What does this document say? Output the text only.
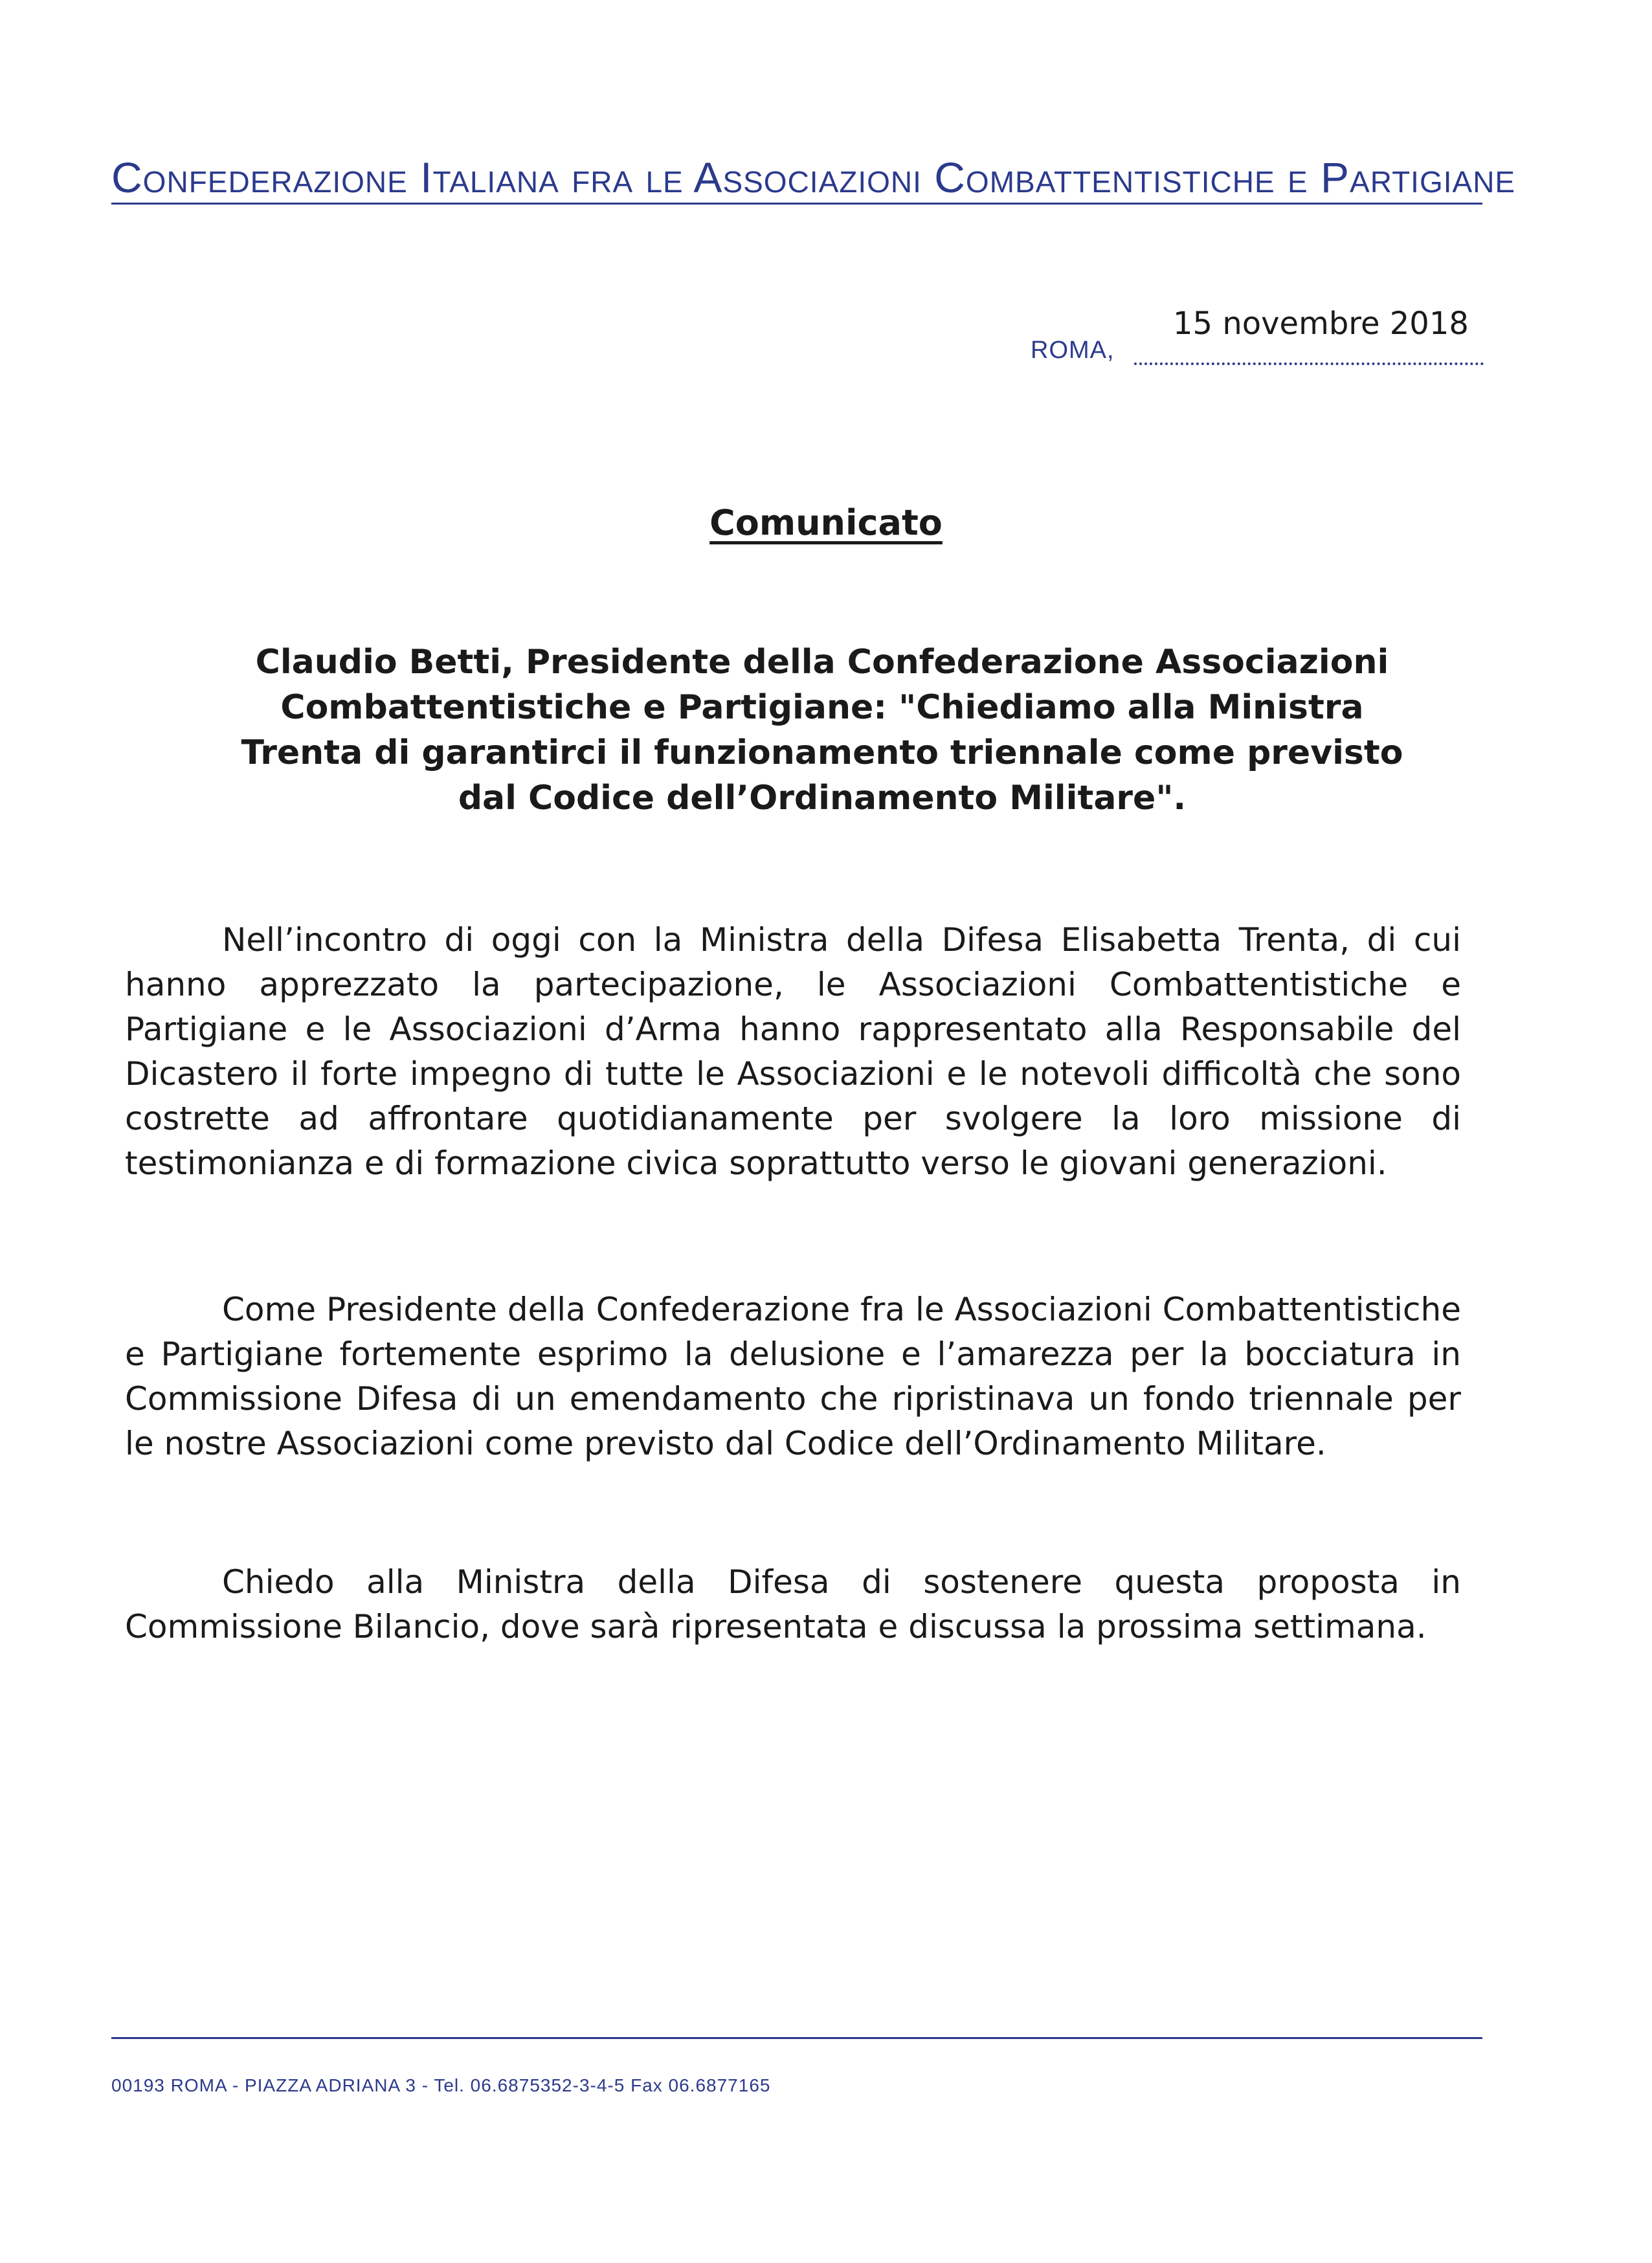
Confederazione Italiana fra le Associazioni Combattentistiche e Partigiane
15 novembre 2018
ROMA,
Comunicato
Claudio Betti, Presidente della Confederazione Associazioni
Combattentistiche e Partigiane: "Chiediamo alla Ministra
Trenta di garantirci il funzionamento triennale come previsto
dal Codice dell’Ordinamento Militare".

Nell’incontro di oggi con la Ministra della Difesa Elisabetta Trenta, di cui hanno apprezzato la partecipazione, le Associazioni Combattentistiche e Partigiane e le Associazioni d’Arma hanno rappresentato alla Responsabile del Dicastero il forte impegno di tutte le Associazioni e le notevoli difficoltà che sono costrette ad affrontare quotidianamente per svolgere la loro missione di testimonianza e di formazione civica soprattutto verso le giovani generazioni.

Come Presidente della Confederazione fra le Associazioni Combattentistiche e Partigiane fortemente esprimo la delusione e l’amarezza per la bocciatura in Commissione Difesa di un emendamento che ripristinava un fondo triennale per le nostre Associazioni come previsto dal Codice dell’Ordinamento Militare.

Chiedo alla Ministra della Difesa di sostenere questa proposta in Commissione Bilancio, dove sarà ripresentata e discussa la prossima settimana.

00193 ROMA - PIAZZA ADRIANA 3 - Tel. 06.6875352-3-4-5 Fax 06.6877165
